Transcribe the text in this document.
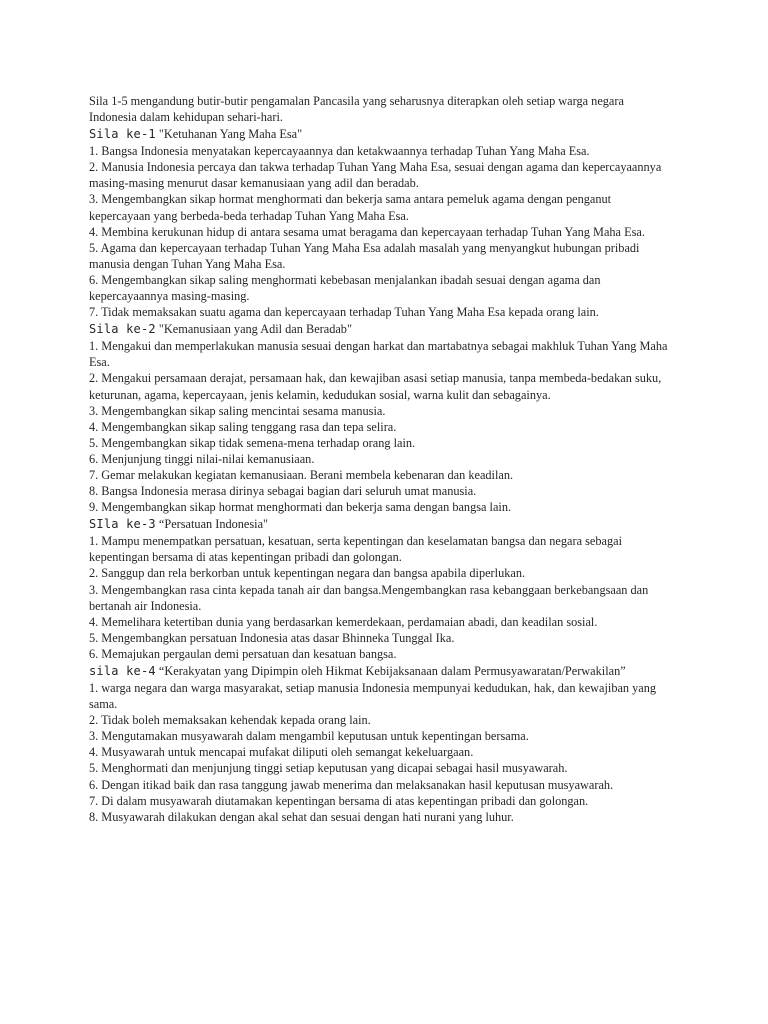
Sila 1-5 mengandung butir-butir pengamalan Pancasila yang seharusnya diterapkan oleh setiap warga negara Indonesia dalam kehidupan sehari-hari.

Sila ke-1 "Ketuhanan Yang Maha Esa"

1. Bangsa Indonesia menyatakan kepercayaannya dan ketakwaannya terhadap Tuhan Yang Maha Esa.
2. Manusia Indonesia percaya dan takwa terhadap Tuhan Yang Maha Esa, sesuai dengan agama dan kepercayaannya masing-masing menurut dasar kemanusiaan yang adil dan beradab.
3. Mengembangkan sikap hormat menghormati dan bekerja sama antara pemeluk agama dengan penganut kepercayaan yang berbeda-beda terhadap Tuhan Yang Maha Esa.
4. Membina kerukunan hidup di antara sesama umat beragama dan kepercayaan terhadap Tuhan Yang Maha Esa.
5. Agama dan kepercayaan terhadap Tuhan Yang Maha Esa adalah masalah yang menyangkut hubungan pribadi manusia dengan Tuhan Yang Maha Esa.
6. Mengembangkan sikap saling menghormati kebebasan menjalankan ibadah sesuai dengan agama dan kepercayaannya masing-masing.
7. Tidak memaksakan suatu agama dan kepercayaan terhadap Tuhan Yang Maha Esa kepada orang lain.

Sila ke-2 "Kemanusiaan yang Adil dan Beradab"

1. Mengakui dan memperlakukan manusia sesuai dengan harkat dan martabatnya sebagai makhluk Tuhan Yang Maha Esa.
2. Mengakui persamaan derajat, persamaan hak, dan kewajiban asasi setiap manusia, tanpa membeda-bedakan suku, keturunan, agama, kepercayaan, jenis kelamin, kedudukan sosial, warna kulit dan sebagainya.
3. Mengembangkan sikap saling mencintai sesama manusia.
4. Mengembangkan sikap saling tenggang rasa dan tepa selira.
5. Mengembangkan sikap tidak semena-mena terhadap orang lain.
6. Menjunjung tinggi nilai-nilai kemanusiaan.
7. Gemar melakukan kegiatan kemanusiaan. Berani membela kebenaran dan keadilan.
8. Bangsa Indonesia merasa dirinya sebagai bagian dari seluruh umat manusia.
9. Mengembangkan sikap hormat menghormati dan bekerja sama dengan bangsa lain.

SIla ke-3 “Persatuan Indonesia"

1. Mampu menempatkan persatuan, kesatuan, serta kepentingan dan keselamatan bangsa dan negara sebagai kepentingan bersama di atas kepentingan pribadi dan golongan.
2. Sanggup dan rela berkorban untuk kepentingan negara dan bangsa apabila diperlukan.
3. Mengembangkan rasa cinta kepada tanah air dan bangsa.Mengembangkan rasa kebanggaan berkebangsaan dan bertanah air Indonesia.
4. Memelihara ketertiban dunia yang berdasarkan kemerdekaan, perdamaian abadi, dan keadilan sosial.
5. Mengembangkan persatuan Indonesia atas dasar Bhinneka Tunggal Ika.
6. Memajukan pergaulan demi persatuan dan kesatuan bangsa.

sila ke-4 “Kerakyatan yang Dipimpin oleh Hikmat Kebijaksanaan dalam Permusyawaratan/Perwakilan”

1. warga negara dan warga masyarakat, setiap manusia Indonesia mempunyai kedudukan, hak, dan kewajiban yang sama.
2. Tidak boleh memaksakan kehendak kepada orang lain.
3. Mengutamakan musyawarah dalam mengambil keputusan untuk kepentingan bersama.
4. Musyawarah untuk mencapai mufakat diliputi oleh semangat kekeluargaan.
5. Menghormati dan menjunjung tinggi setiap keputusan yang dicapai sebagai hasil musyawarah.
6. Dengan itikad baik dan rasa tanggung jawab menerima dan melaksanakan hasil keputusan musyawarah.
7. Di dalam musyawarah diutamakan kepentingan bersama di atas kepentingan pribadi dan golongan.
8. Musyawarah dilakukan dengan akal sehat dan sesuai dengan hati nurani yang luhur.
